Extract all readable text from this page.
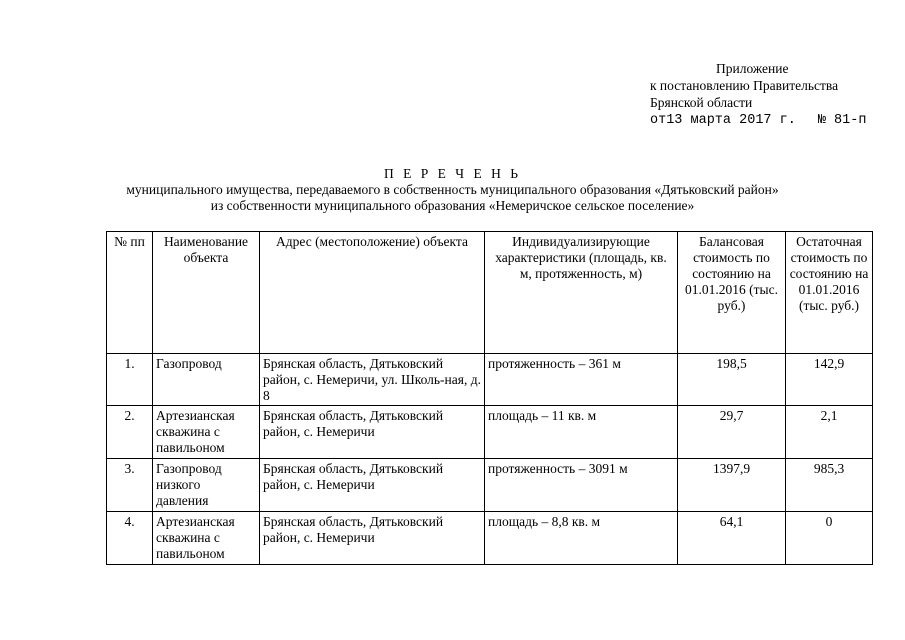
Приложение
к постановлению Правительства
Брянской области
от13 марта 2017 г. № 81-п
П Е Р Е Ч Е Н Ь
муниципального имущества, передаваемого в собственность муниципального образования «Дятьковский район»
из собственности муниципального образования «Немеричское сельское поселение»
№ пп	Наименование объекта	Адрес (местоположение) объекта	Индивидуализирующие характеристики (площадь, кв. м, протяженность, м)	Балансовая стоимость по состоянию на 01.01.2016 (тыс. руб.)	Остаточная стоимость по состоянию на 01.01.2016 (тыс. руб.)
1.	Газопровод	Брянская область, Дятьковский район, с. Немеричи, ул. Школь-ная, д. 8	протяженность – 361 м	198,5	142,9
2.	Артезианская скважина с павильоном	Брянская область, Дятьковский район, с. Немеричи	площадь – 11 кв. м	29,7	2,1
3.	Газопровод низкого давления	Брянская область, Дятьковский район, с. Немеричи	протяженность – 3091 м	1397,9	985,3
4.	Артезианская скважина с павильоном	Брянская область, Дятьковский район, с. Немеричи	площадь – 8,8 кв. м	64,1	0
